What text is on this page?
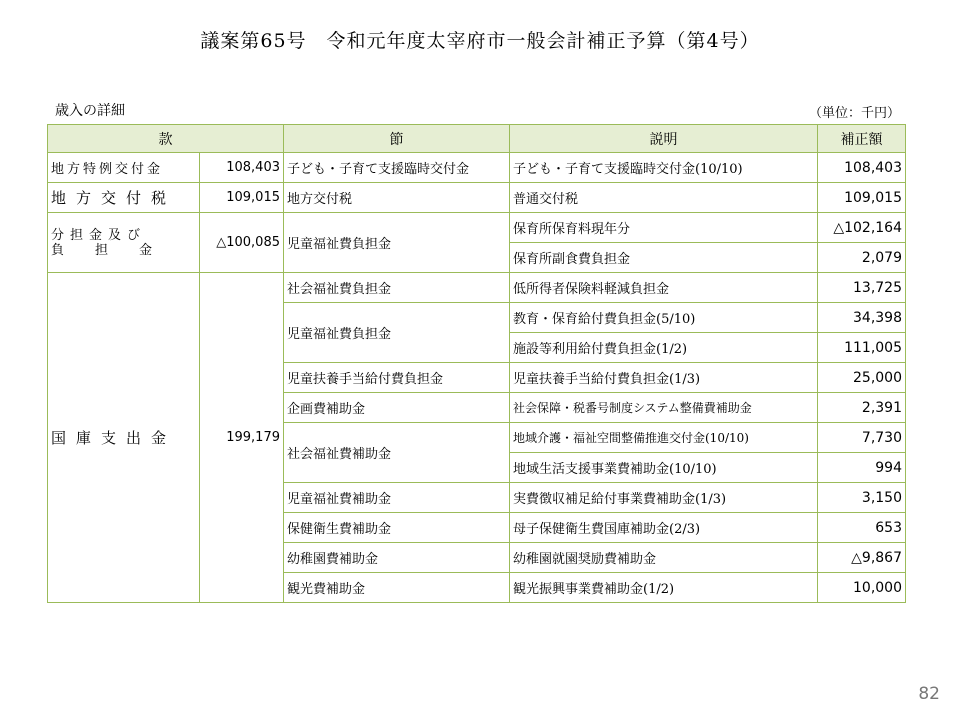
議案第65号　令和元年度太宰府市一般会計補正予算（第4号）
歳入の詳細	（単位：千円）
款		節	説明	補正額
地方特例交付金	108,403	子ども・子育て支援臨時交付金	子ども・子育て支援臨時交付金(10/10)	108,403
地方交付税	109,015	地方交付税	普通交付税	109,015

分担金及び
負担金	△100,085	児童福祉費負担金	保育所保育料現年分	△102,164
			保育所副食費負担金	2,079
国庫支出金	199,179	社会福祉費負担金	低所得者保険料軽減負担金	13,725
		児童福祉費負担金	教育・保育給付費負担金(5/10)	34,398
			施設等利用給付費負担金(1/2)	111,005
		児童扶養手当給付費負担金	児童扶養手当給付費負担金(1/3)	25,000
		企画費補助金	社会保障・税番号制度システム整備費補助金	2,391
		社会福祉費補助金	地域介護・福祉空間整備推進交付金(10/10)	7,730
			地域生活支援事業費補助金(10/10)	994
		児童福祉費補助金	実費徴収補足給付事業費補助金(1/3)	3,150
		保健衛生費補助金	母子保健衛生費国庫補助金(2/3)	653
		幼稚園費補助金	幼稚園就園奨励費補助金	△9,867
		観光費補助金	観光振興事業費補助金(1/2)	10,000
82
